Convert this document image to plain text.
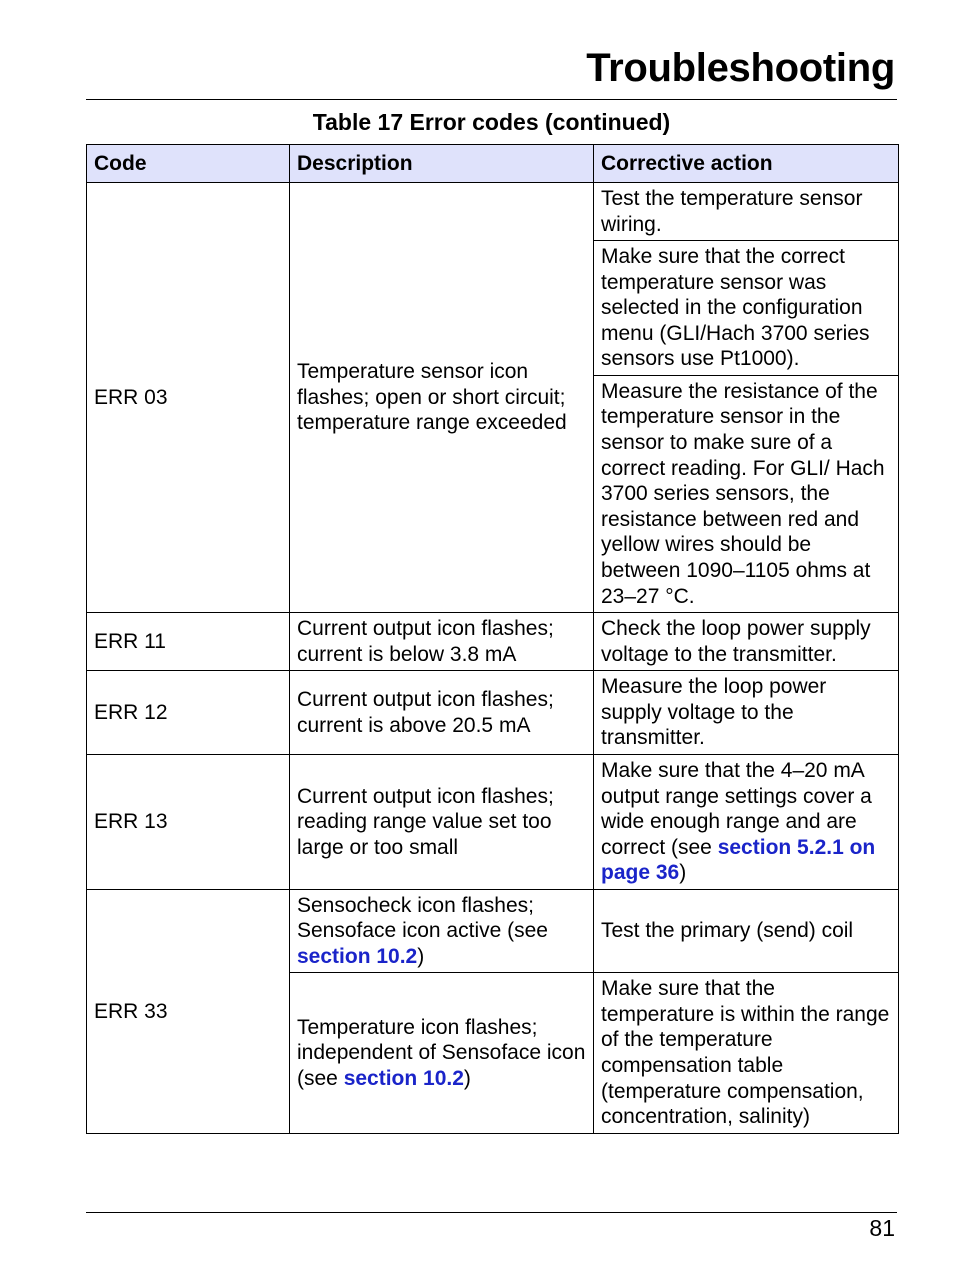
Troubleshooting
Table 17 Error codes (continued)
Code	Description	Corrective action
ERR 03	Temperature sensor icon flashes; open or short circuit; temperature range exceeded	Test the temperature sensor wiring.
		Make sure that the correct temperature sensor was selected in the configuration menu (GLI/Hach 3700 series sensors use Pt1000).
		Measure the resistance of the temperature sensor in the sensor to make sure of a correct reading. For GLI/ Hach 3700 series sensors, the resistance between red and yellow wires should be between 1090–1105 ohms at 23–27 °C.
ERR 11	Current output icon flashes; current is below 3.8 mA	Check the loop power supply voltage to the transmitter.
ERR 12	Current output icon flashes; current is above 20.5 mA	Measure the loop power supply voltage to the transmitter.
ERR 13	Current output icon flashes; reading range value set too large or too small	Make sure that the 4–20 mA output range settings cover a wide enough range and are correct (see section 5.2.1 on page 36)
ERR 33	Sensocheck icon flashes; Sensoface icon active (see section 10.2)	Test the primary (send) coil
	Temperature icon flashes; independent of Sensoface icon (see section 10.2)	Make sure that the temperature is within the range of the temperature compensation table (temperature compensation, concentration, salinity)
81
